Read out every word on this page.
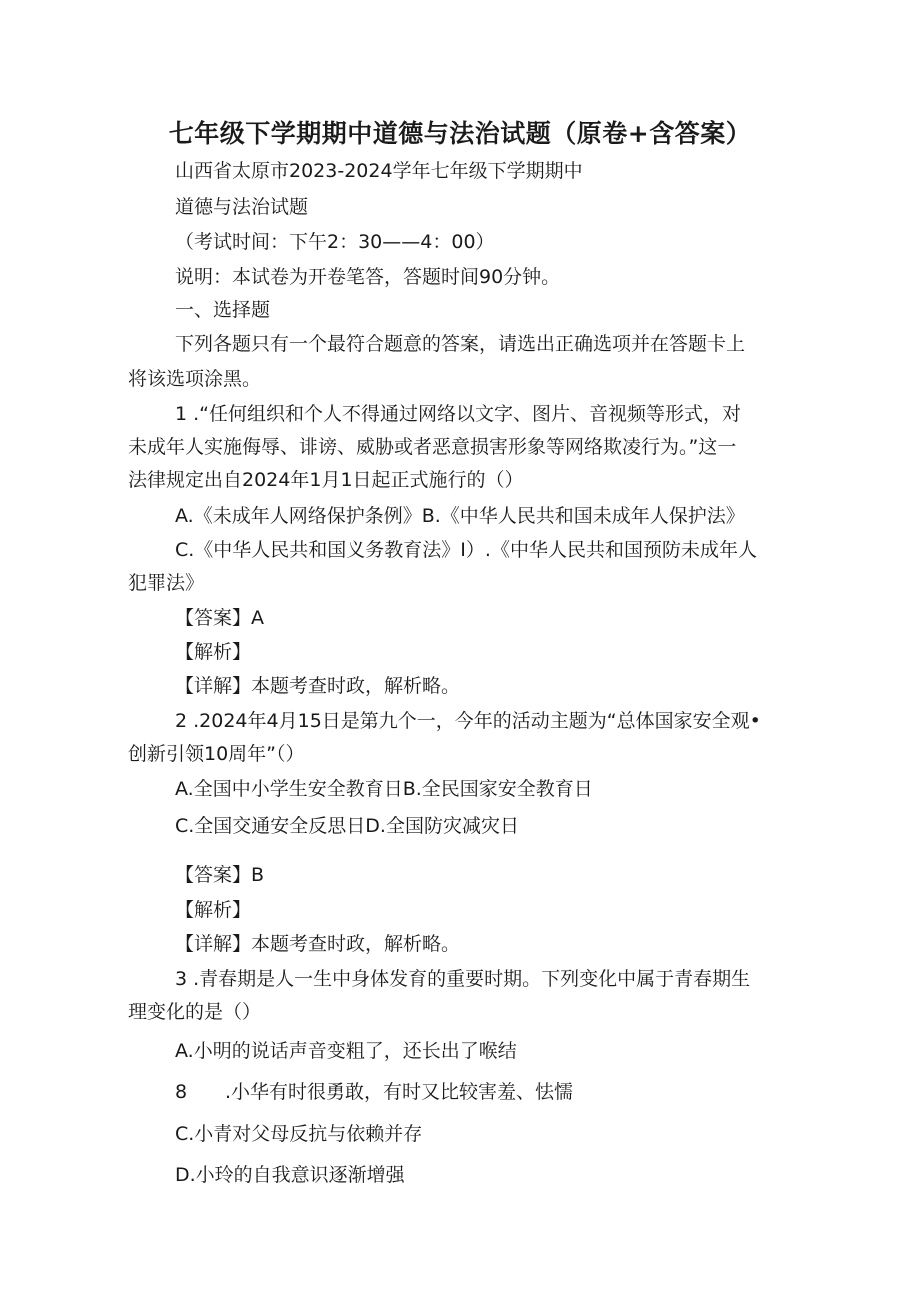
七年级下学期期中道德与法治试题（原卷+含答案）
山西省太原市2023-2024学年七年级下学期期中
道德与法治试题
（考试时间：下午2：30——4：00）
说明：本试卷为开卷笔答，答题时间90分钟。
一、选择题
下列各题只有一个最符合题意的答案，请选出正确选项并在答题卡上
将该选项涂黑。
1 .“任何组织和个人不得通过网络以文字、图片、音视频等形式，对
未成年人实施侮辱、诽谤、威胁或者恶意损害形象等网络欺凌行为。”这一
法律规定出自2024年1月1日起正式施行的（）
A.《未成年人网络保护条例》B.《中华人民共和国未成年人保护法》
C.《中华人民共和国义务教育法》I）.《中华人民共和国预防未成年人
犯罪法》
【答案】A
【解析】
【详解】本题考查时政，解析略。
2 .2024年4月15日是第九个一，今年的活动主题为“总体国家安全观•
创新引领10周年”（）
A.全国中小学生安全教育日B.全民国家安全教育日
C.全国交通安全反思日D.全国防灾减灾日
【答案】B
【解析】
【详解】本题考查时政，解析略。
3 .青春期是人一生中身体发育的重要时期。下列变化中属于青春期生
理变化的是（）
A.小明的说话声音变粗了，还长出了喉结
8 .小华有时很勇敢，有时又比较害羞、怯懦
C.小青对父母反抗与依赖并存
D.小玲的自我意识逐渐增强
